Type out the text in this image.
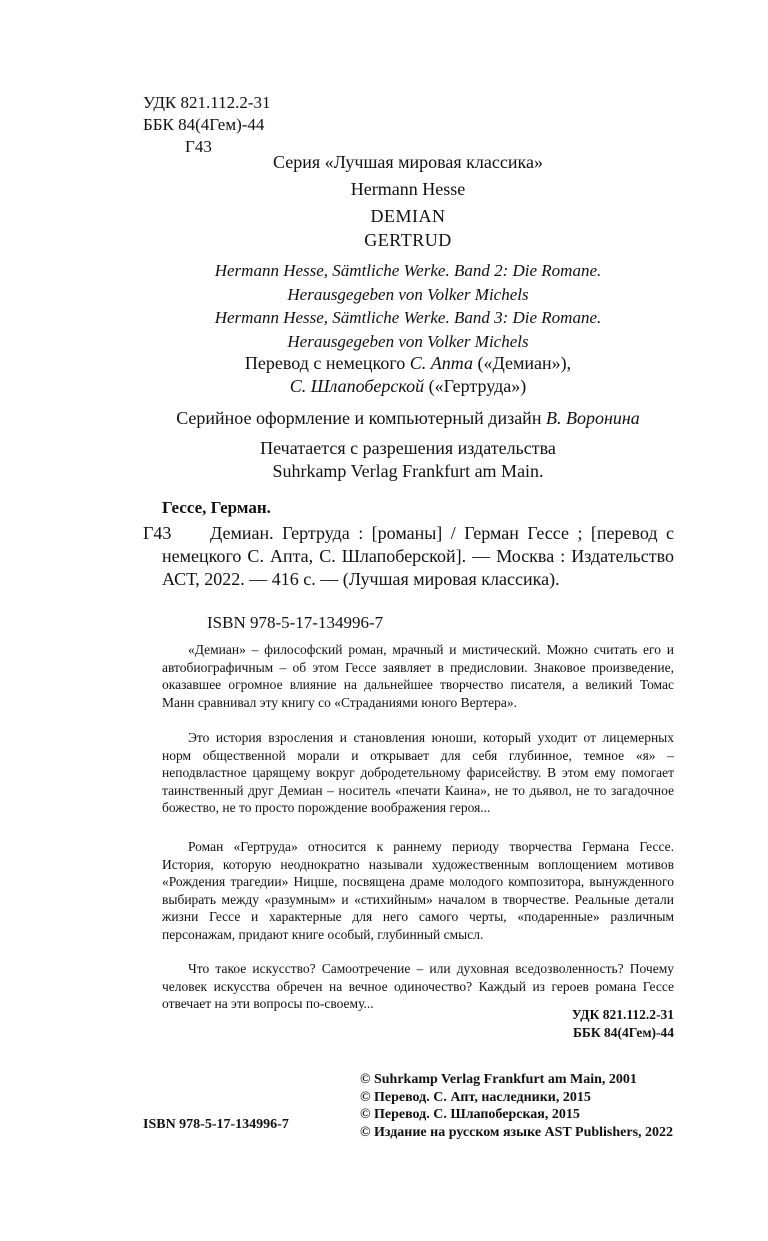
УДК 821.112.2-31
ББК 84(4Гем)-44
Г43
Серия «Лучшая мировая классика»
Hermann Hesse
DEMIAN
GERTRUD
Hermann Hesse, Sämtliche Werke. Band 2: Die Romane.
Herausgegeben von Volker Michels
Hermann Hesse, Sämtliche Werke. Band 3: Die Romane.
Herausgegeben von Volker Michels
Перевод с немецкого С. Апта («Демиан»),
С. Шлапоберской («Гертруда»)
Серийное оформление и компьютерный дизайн В. Воронина
Печатается с разрешения издательства
Suhrkamp Verlag Frankfurt am Main.
Гессе, Герман.
Г43	Демиан. Гертруда : [романы] / Герман Гессе ; [перевод с немецкого С. Апта, С. Шлапоберской]. — Москва : Издательство АСТ, 2022. — 416 с. — (Лучшая мировая классика).
ISBN 978-5-17-134996-7
«Демиан» – философский роман, мрачный и мистический. Можно считать его и автобиографичным – об этом Гессе заявляет в предисловии. Знаковое произведение, оказавшее огромное влияние на дальнейшее творчество писателя, а великий Томас Манн сравнивал эту книгу со «Страданиями юного Вертера».
Это история взросления и становления юноши, который уходит от лицемерных норм общественной морали и открывает для себя глубинное, темное «я» – неподвластное царящему вокруг добродетельному фарисейству. В этом ему помогает таинственный друг Демиан – носитель «печати Каина», не то дьявол, не то загадочное божество, не то просто порождение воображения героя...
Роман «Гертруда» относится к раннему периоду творчества Германа Гессе. История, которую неоднократно называли художественным воплощением мотивов «Рождения трагедии» Ницше, посвящена драме молодого композитора, вынужденного выбирать между «разумным» и «стихийным» началом в творчестве. Реальные детали жизни Гессе и характерные для него самого черты, «подаренные» различным персонажам, придают книге особый, глубинный смысл.
Что такое искусство? Самоотречение – или духовная вседозволенность? Почему человек искусства обречен на вечное одиночество? Каждый из героев романа Гессе отвечает на эти вопросы по-своему...
УДК 821.112.2-31
ББК 84(4Гем)-44
© Suhrkamp Verlag Frankfurt am Main, 2001
© Перевод. С. Апт, наследники, 2015
© Перевод. С. Шлапоберская, 2015
© Издание на русском языке AST Publishers, 2022
ISBN 978-5-17-134996-7
